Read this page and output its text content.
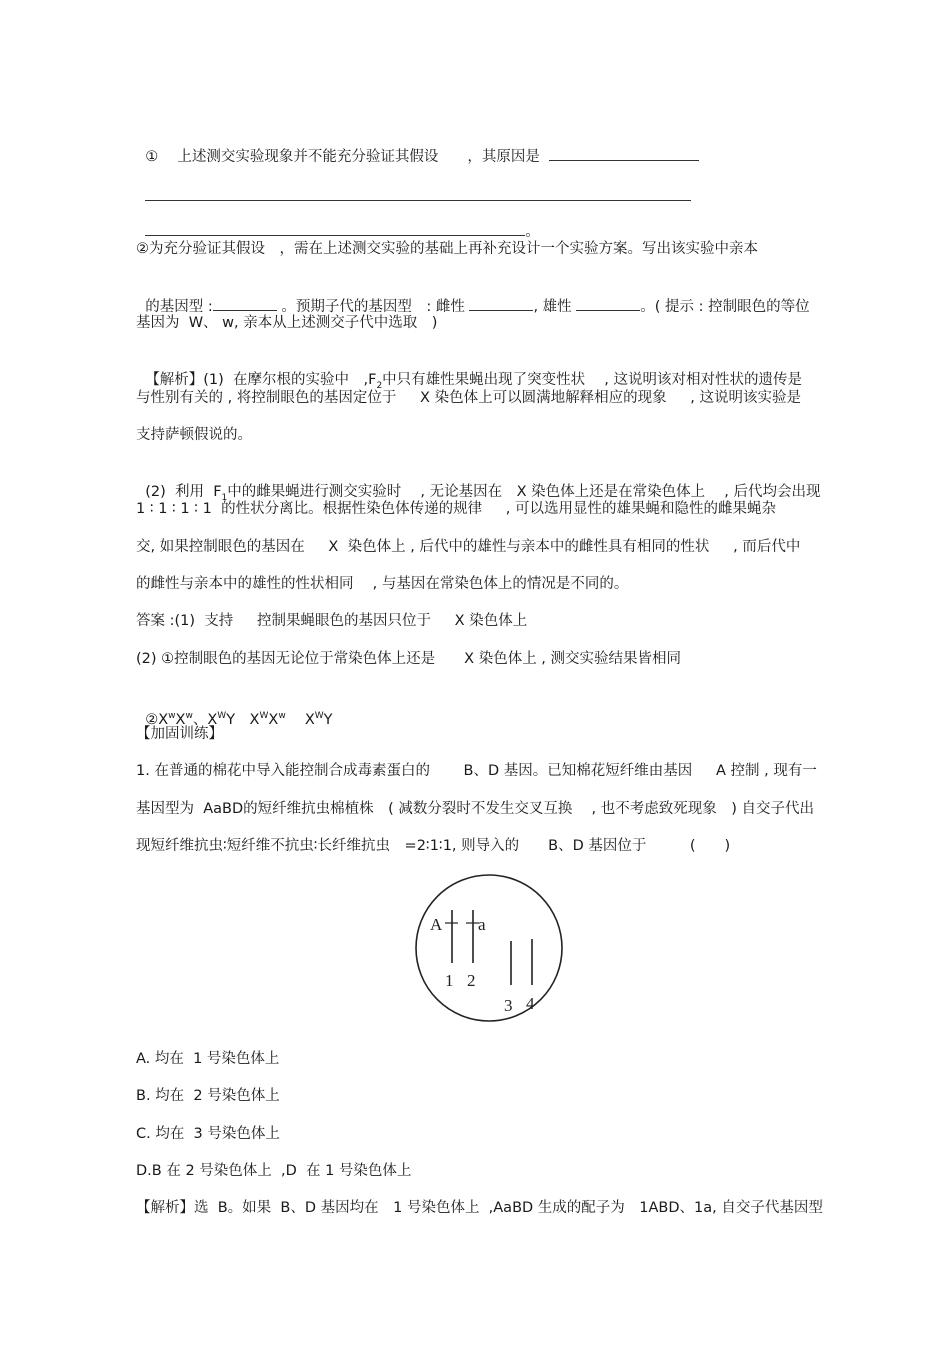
①　 上述测交实验现象并不能充分验证其假设　　 ，其原因是

。

②为充分验证其假设　，需在上述测交实验的基础上再补充设计一个实验方案。写出该实验中亲本

的基因型 :	。预期子代的基因型　: 雌性	, 雄性	。( 提示 : 控制眼色的等位

基因为  W、 w, 亲本从上述测交子代中选取　)

【解析】(1)  在摩尔根的实验中　$,F_2$中只有雄性果蝇出现了突变性状　 , 这说明该对相对性状的遗传是

与性别有关的 , 将控制眼色的基因定位于　  X 染色体上可以圆满地解释相应的现象　  , 这说明该实验是
支持萨顿假说的。

(2)  利用  $F_1$中的雌果蝇进行测交实验时　 , 无论基因在　X 染色体上还是在常染色体上　 , 后代均会出现

1 ∶ 1 ∶ 1 ∶ 1  的性状分离比。根据性染色体传递的规律　  , 可以选用显性的雄果蝇和隐性的雌果蝇杂
交, 如果控制眼色的基因在　  X  染色体上 , 后代中的雄性与亲本中的雌性具有相同的性状　  , 而后代中
的雌性与亲本中的雄性的性状相同　 , 与基因在常染色体上的情况是不同的。
答案 :(1)  支持　  控制果蝇眼色的基因只位于　  X 染色体上
(2) ①控制眼色的基因无论位于常染色体上还是　　X 染色体上 , 测交实验结果皆相同

$②X^wX^w$、$X^WY$　 $X^WX^w$　 $X^WY$

【加固训练】
1. 在普通的棉花中导入能控制合成毒素蛋白的　　 B、D 基因。已知棉花短纤维由基因　  A 控制 , 现有一
基因型为  AaBD的短纤维抗虫棉植株　( 减数分裂时不发生交叉互换　 , 也不考虑致死现象　) 自交子代出
现短纤维抗虫∶短纤维不抗虫∶长纤维抗虫　=2∶1∶1, 则导入的　　B、D 基因位于　　　(　　)
A a
1 2
3 4
A. 均在  1 号染色体上
B. 均在  2 号染色体上
C. 均在  3 号染色体上
D.B 在 2 号染色体上  ,D  在 1 号染色体上
【解析】选  B。如果  B、D 基因均在　1 号染色体上  ,AaBD 生成的配子为　1ABD、1a, 自交子代基因型
